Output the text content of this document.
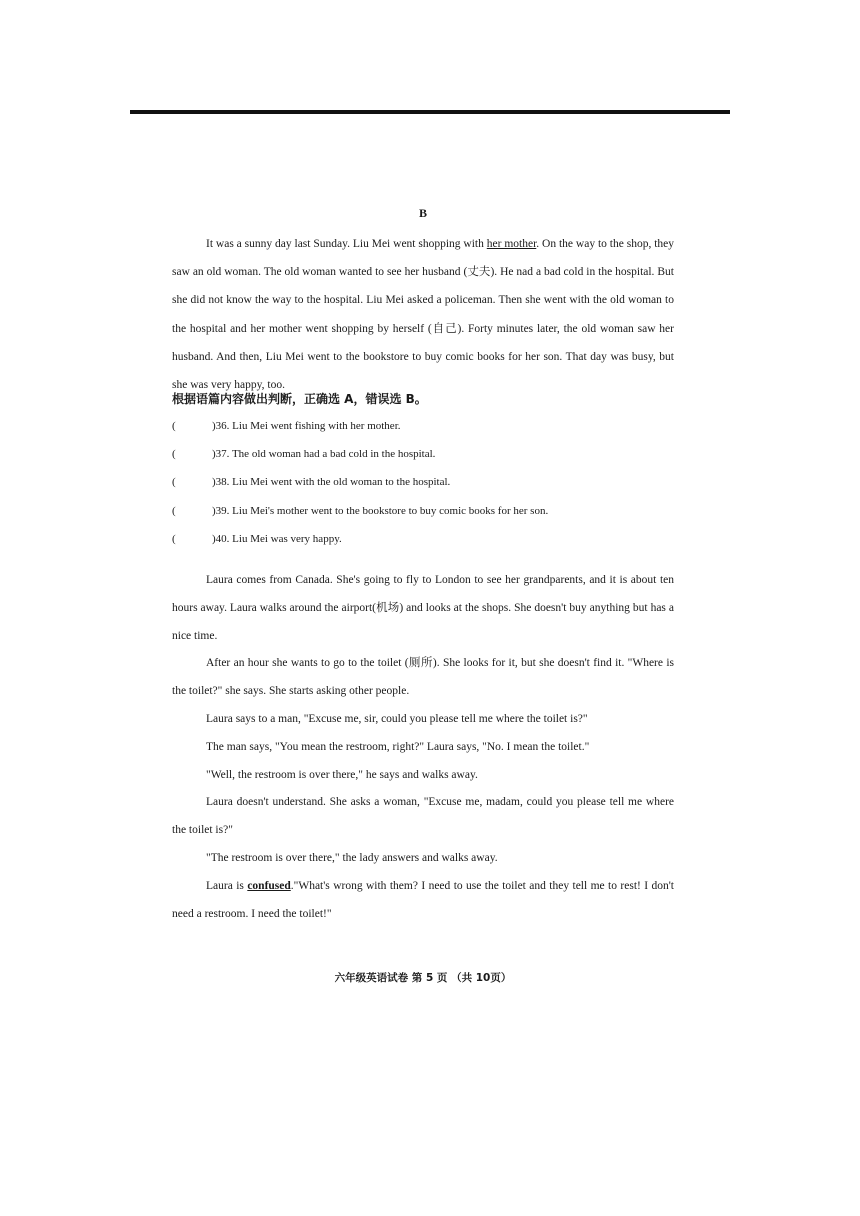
B

It was a sunny day last Sunday. Liu Mei went shopping with her mother. On the way to the shop, they saw an old woman. The old woman wanted to see her husband (丈夫). He nad a bad cold in the hospital. But she did not know the way to the hospital. Liu Mei asked a policeman. Then she went with the old woman to the hospital and her mother went shopping by herself (自己). Forty minutes later, the old woman saw her husband. And then, Liu Mei went to the bookstore to buy comic books for her son. That day was busy, but she was very happy, too.

根据语篇内容做出判断，正确选 A，错误选 B。
(	)36. Liu Mei went fishing with her mother.
(	)37. The old woman had a bad cold in the hospital.
(	)38. Liu Mei went with the old woman to the hospital.
(	)39. Liu Mei's mother went to the bookstore to buy comic books for her son.
(	)40. Liu Mei was very happy.

Laura comes from Canada. She's going to fly to London to see her grandparents, and it is about ten hours away. Laura walks around the airport(机场) and looks at the shops. She doesn't buy anything but has a nice time.

After an hour she wants to go to the toilet (厕所). She looks for it, but she doesn't find it. "Where is the toilet?" she says. She starts asking other people.

Laura says to a man, "Excuse me, sir, could you please tell me where the toilet is?"

The man says, "You mean the restroom, right?" Laura says, "No. I mean the toilet."

"Well, the restroom is over there," he says and walks away.

Laura doesn't understand. She asks a woman, "Excuse me, madam, could you please tell me where the toilet is?"

"The restroom is over there," the lady answers and walks away.

Laura is confused."What's wrong with them? I need to use the toilet and they tell me to rest! I don't need a restroom. I need the toilet!"

六年级英语试卷 第 5 页 （共 10页）
